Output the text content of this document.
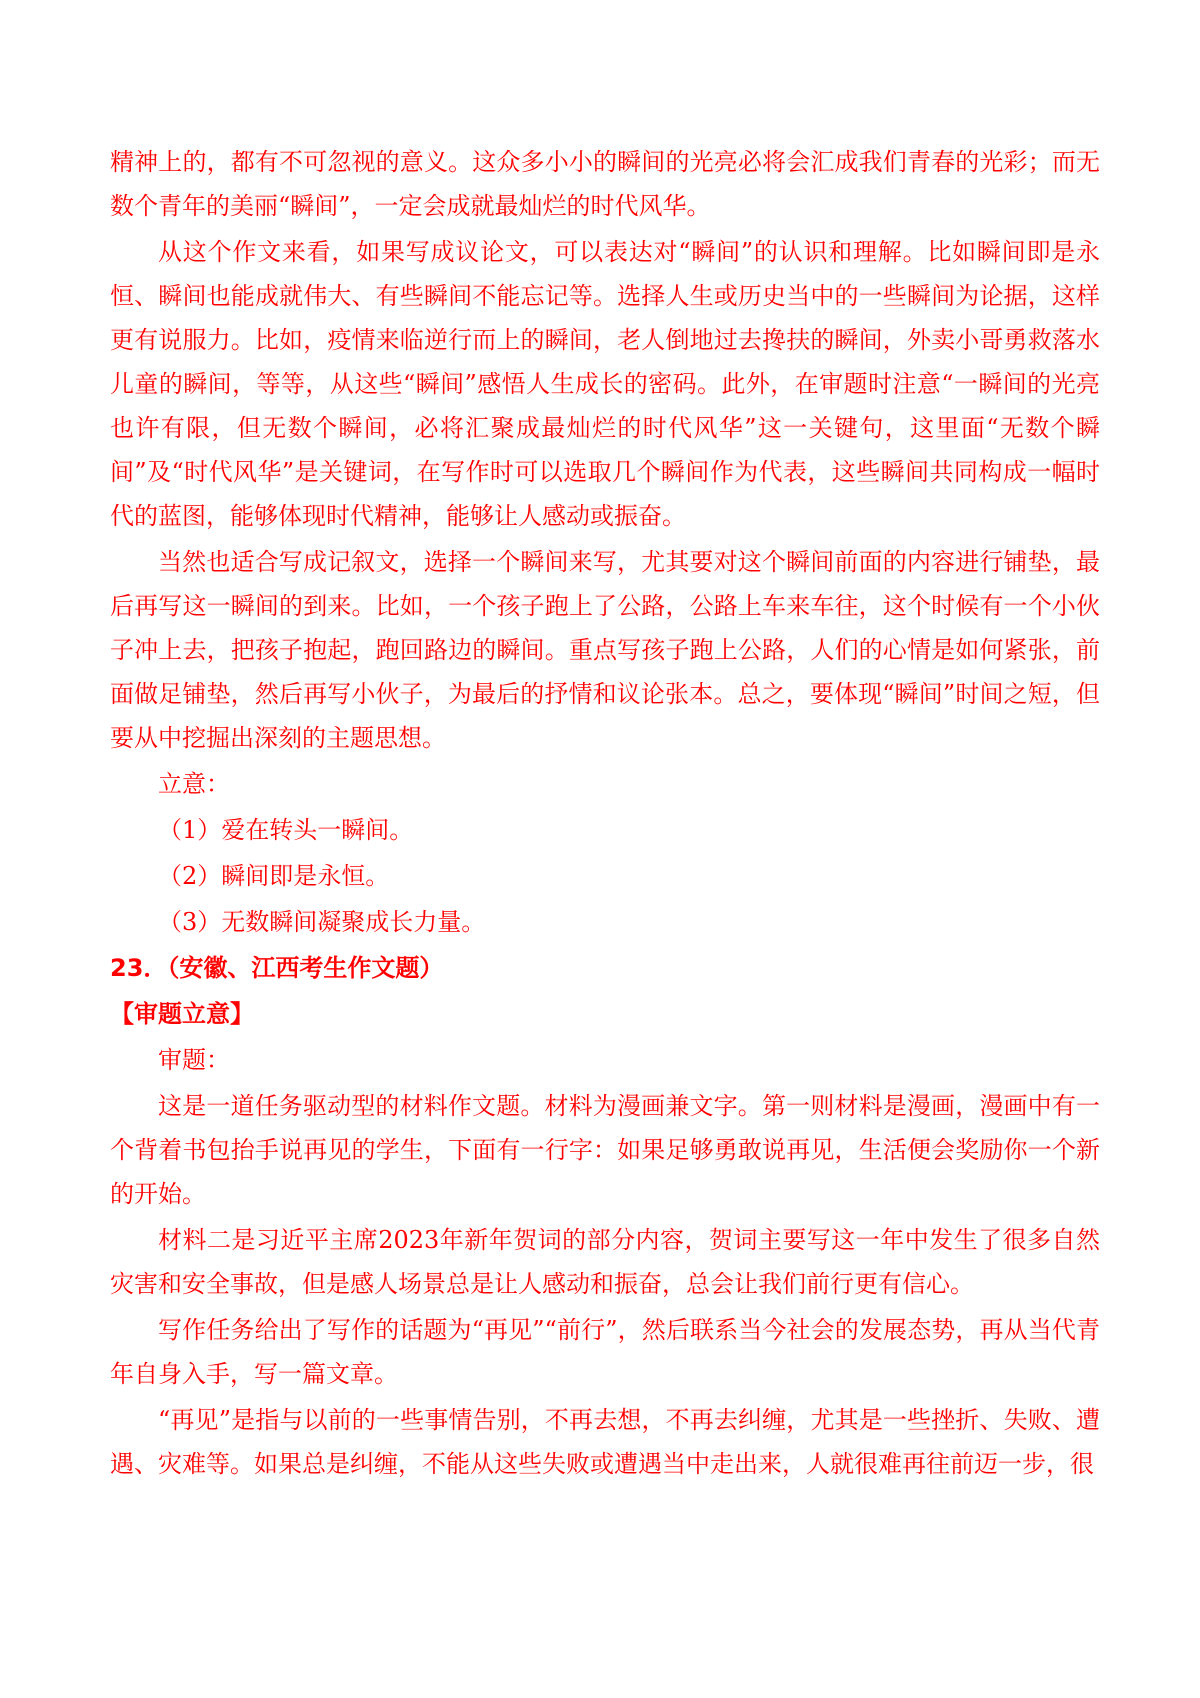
精神上的，都有不可忽视的意义。这众多小小的瞬间的光亮必将会汇成我们青春的光彩；而无数个青年的美丽“瞬间”，一定会成就最灿烂的时代风华。

从这个作文来看，如果写成议论文，可以表达对“瞬间”的认识和理解。比如瞬间即是永恒、瞬间也能成就伟大、有些瞬间不能忘记等。选择人生或历史当中的一些瞬间为论据，这样更有说服力。比如，疫情来临逆行而上的瞬间，老人倒地过去搀扶的瞬间，外卖小哥勇救落水儿童的瞬间，等等，从这些“瞬间”感悟人生成长的密码。此外，在审题时注意“一瞬间的光亮也许有限，但无数个瞬间，必将汇聚成最灿烂的时代风华”这一关键句，这里面“无数个瞬间”及“时代风华”是关键词，在写作时可以选取几个瞬间作为代表，这些瞬间共同构成一幅时代的蓝图，能够体现时代精神，能够让人感动或振奋。

当然也适合写成记叙文，选择一个瞬间来写，尤其要对这个瞬间前面的内容进行铺垫，最后再写这一瞬间的到来。比如，一个孩子跑上了公路，公路上车来车往，这个时候有一个小伙子冲上去，把孩子抱起，跑回路边的瞬间。重点写孩子跑上公路，人们的心情是如何紧张，前面做足铺垫，然后再写小伙子，为最后的抒情和议论张本。总之，要体现“瞬间”时间之短，但要从中挖掘出深刻的主题思想。

立意：

（1）爱在转头一瞬间。

（2）瞬间即是永恒。

（3）无数瞬间凝聚成长力量。

23．（安徽、江西考生作文题）

【审题立意】

审题：

这是一道任务驱动型的材料作文题。材料为漫画兼文字。第一则材料是漫画，漫画中有一个背着书包抬手说再见的学生，下面有一行字：如果足够勇敢说再见，生活便会奖励你一个新的开始。

材料二是习近平主席2023年新年贺词的部分内容，贺词主要写这一年中发生了很多自然灾害和安全事故，但是感人场景总是让人感动和振奋，总会让我们前行更有信心。

写作任务给出了写作的话题为“再见”“前行”，然后联系当今社会的发展态势，再从当代青年自身入手，写一篇文章。

“再见”是指与以前的一些事情告别，不再去想，不再去纠缠，尤其是一些挫折、失败、遭遇、灾难等。如果总是纠缠，不能从这些失败或遭遇当中走出来，人就很难再往前迈一步，很
